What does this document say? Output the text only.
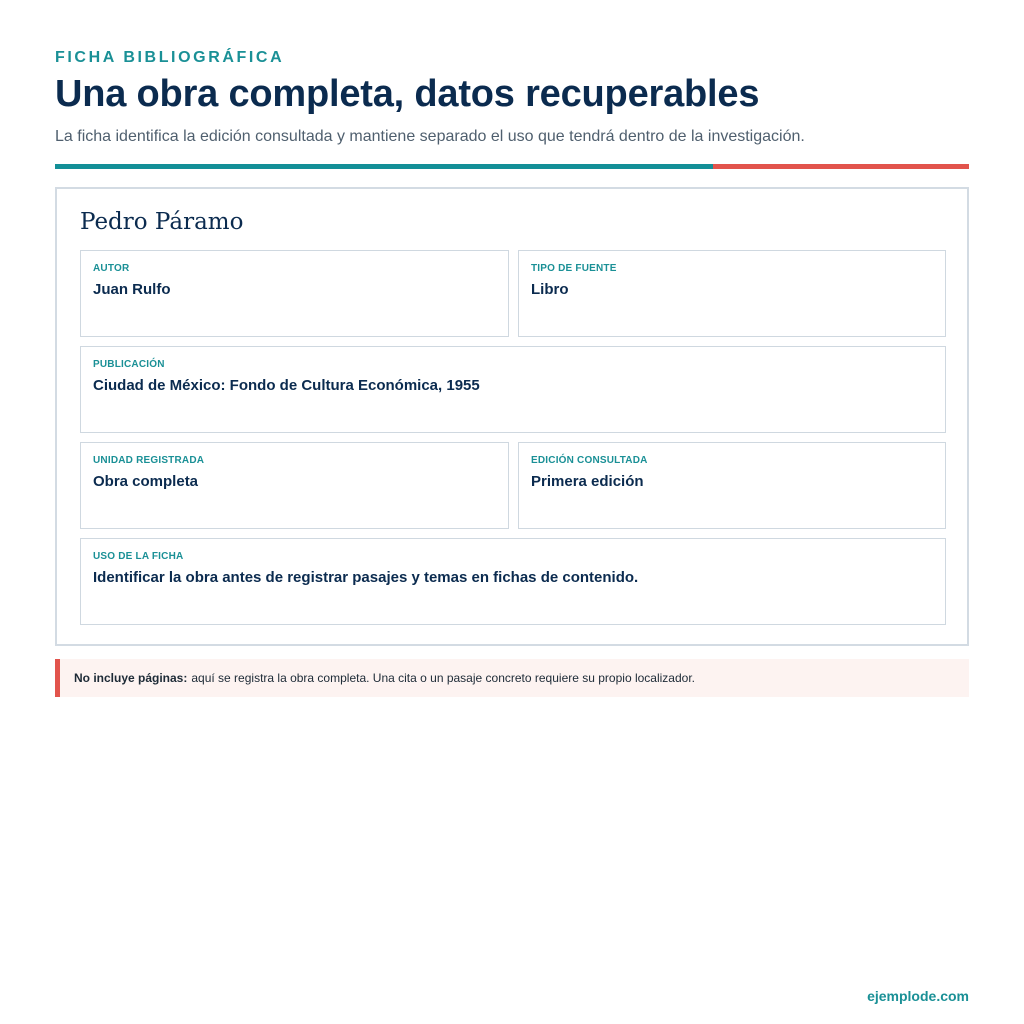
FICHA BIBLIOGRÁFICA
Una obra completa, datos recuperables

La ficha identifica la edición consultada y mantiene separado el uso que tendrá dentro de la investigación.

Pedro Páramo
AUTOR
Juan Rulfo
TIPO DE FUENTE
Libro
PUBLICACIÓN
Ciudad de México: Fondo de Cultura Económica, 1955
UNIDAD REGISTRADA
Obra completa
EDICIÓN CONSULTADA
Primera edición
USO DE LA FICHA
Identificar la obra antes de registrar pasajes y temas en fichas de contenido.
No incluye páginas: aquí se registra la obra completa. Una cita o un pasaje concreto requiere su propio localizador.
ejemplode.com
